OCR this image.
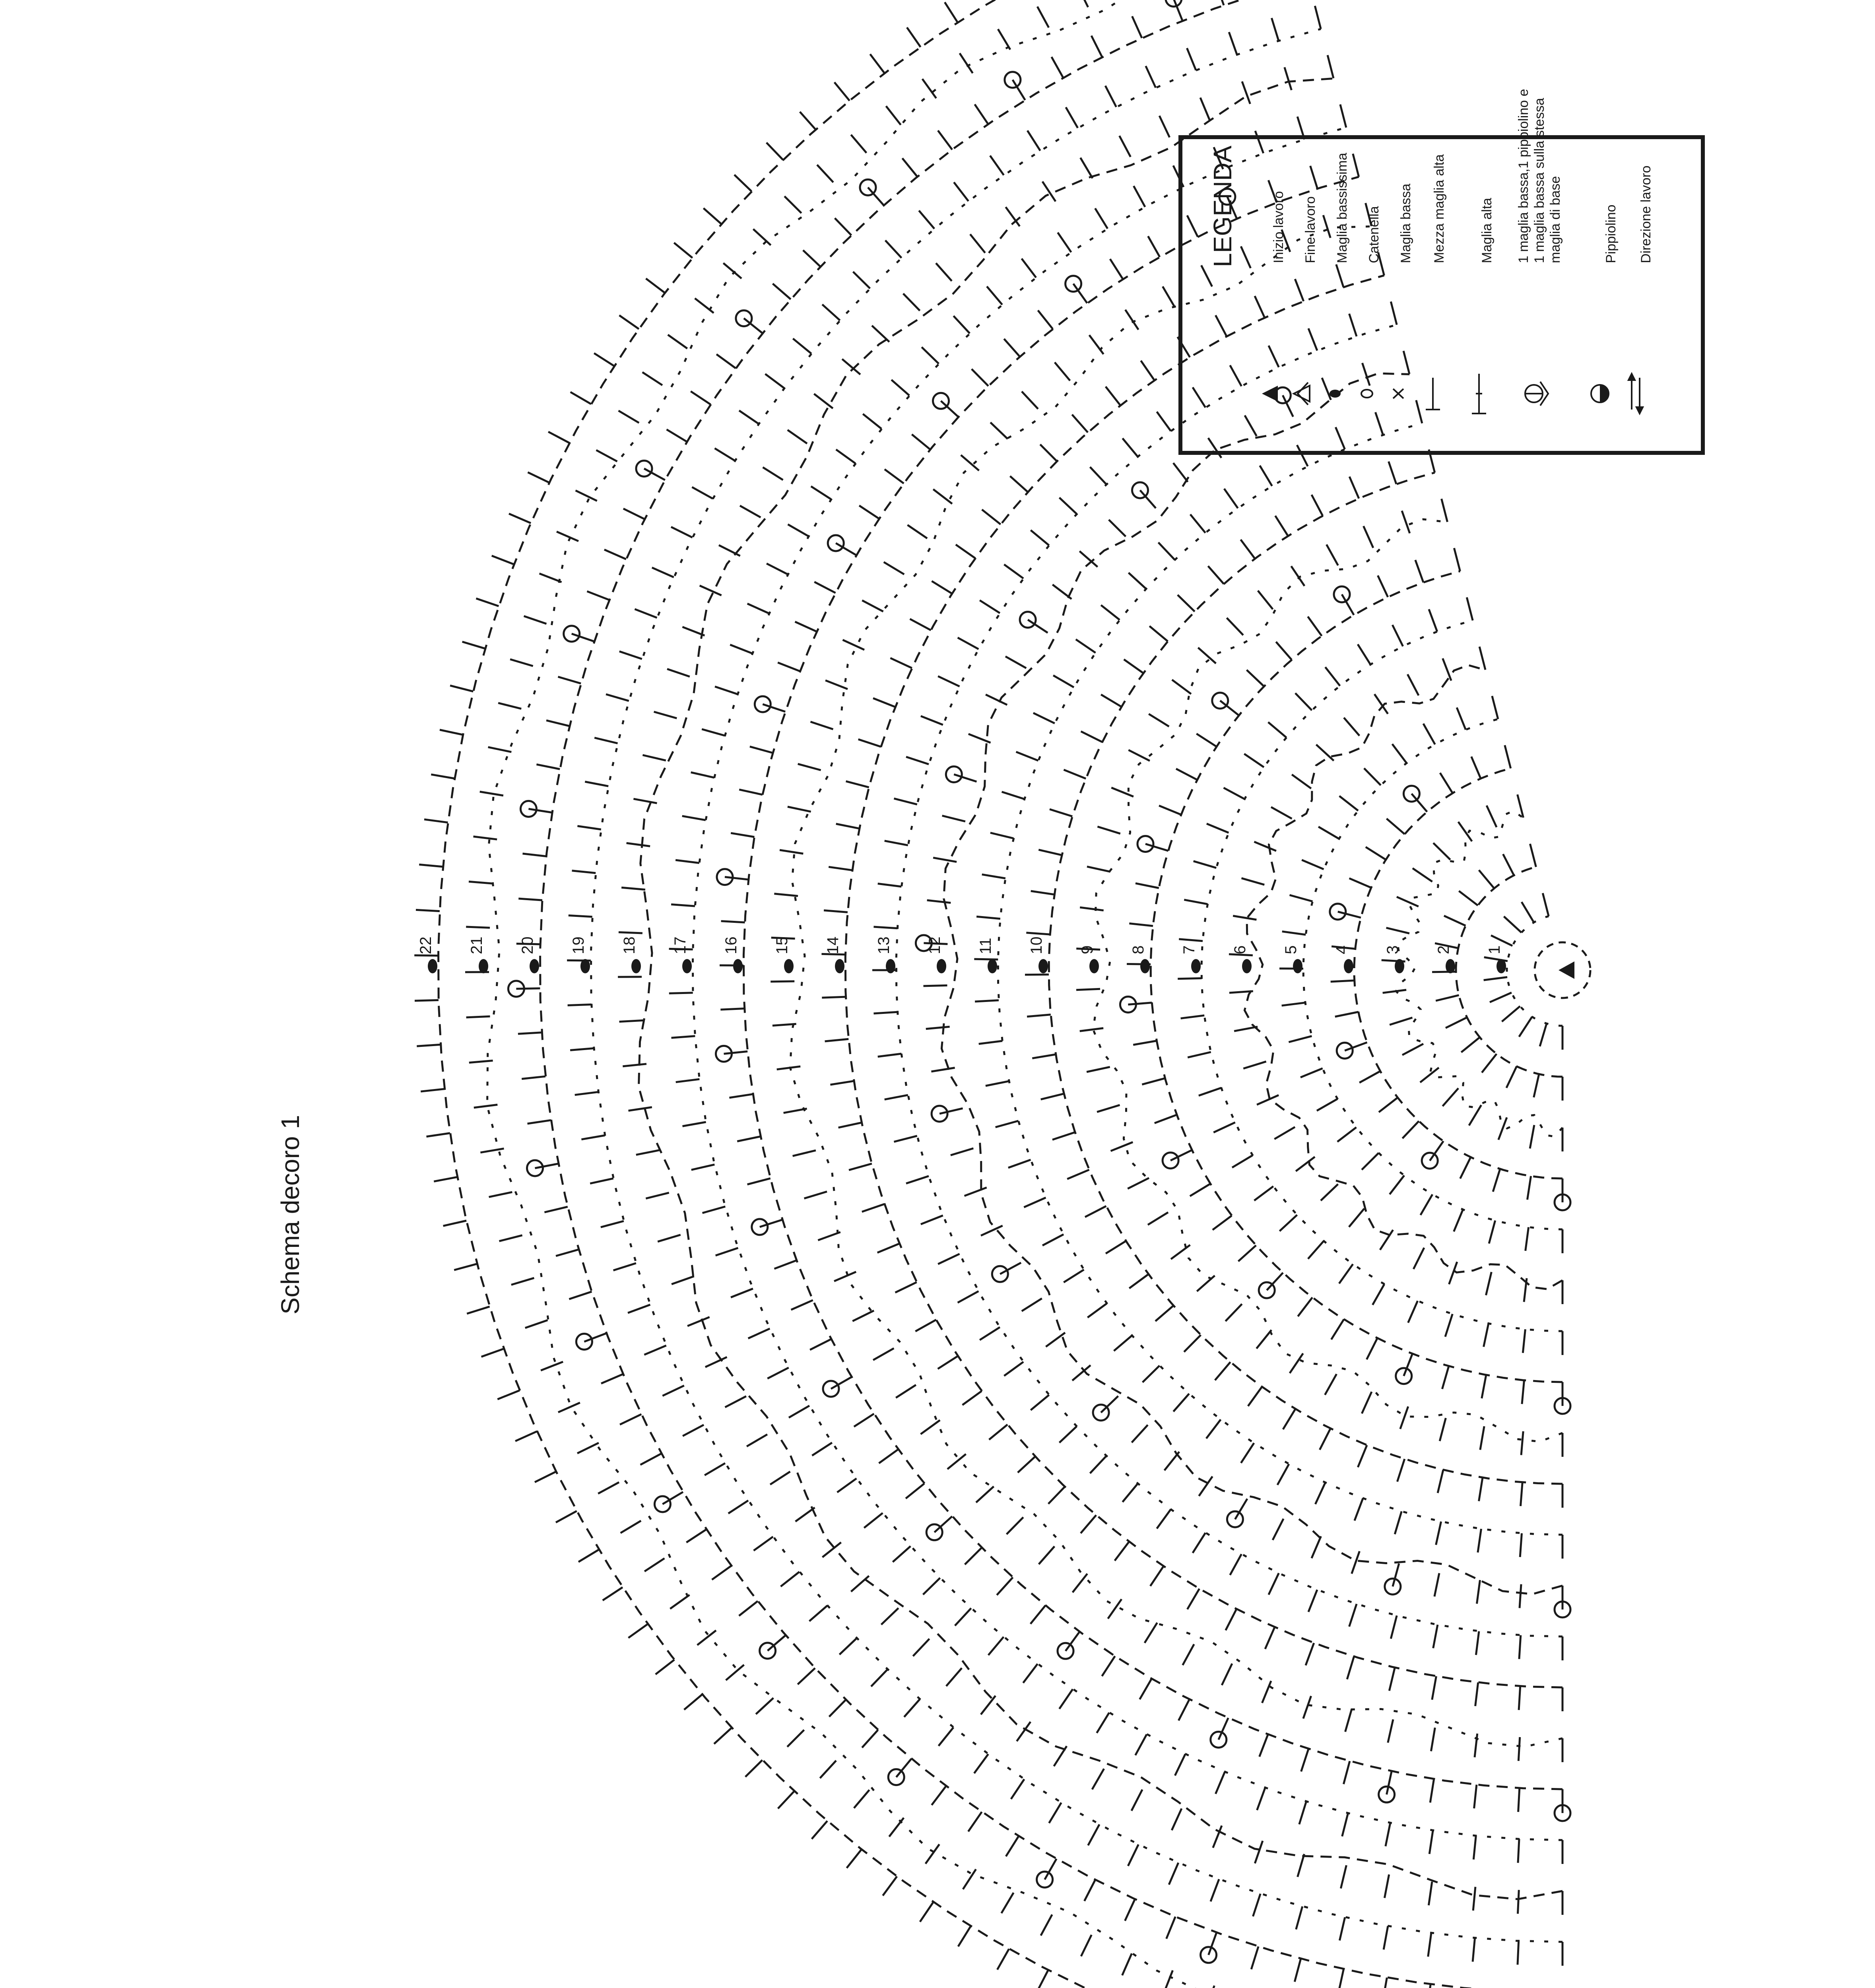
Schema decoro 1
1
2
3
4
5
6
7
8
9
10
11
12
13
14
15
16
17
18
19
20
21
22
LEGENDA	Inizio lavoro Fine lavoro Maglia bassissima Catenella Maglia bassa Mezza maglia alta Maglia alta 1 maglia bassa,1 pippiolino e 1 maglia bassa sulla stessa maglia di base	Pippiolino Direzione lavoro
